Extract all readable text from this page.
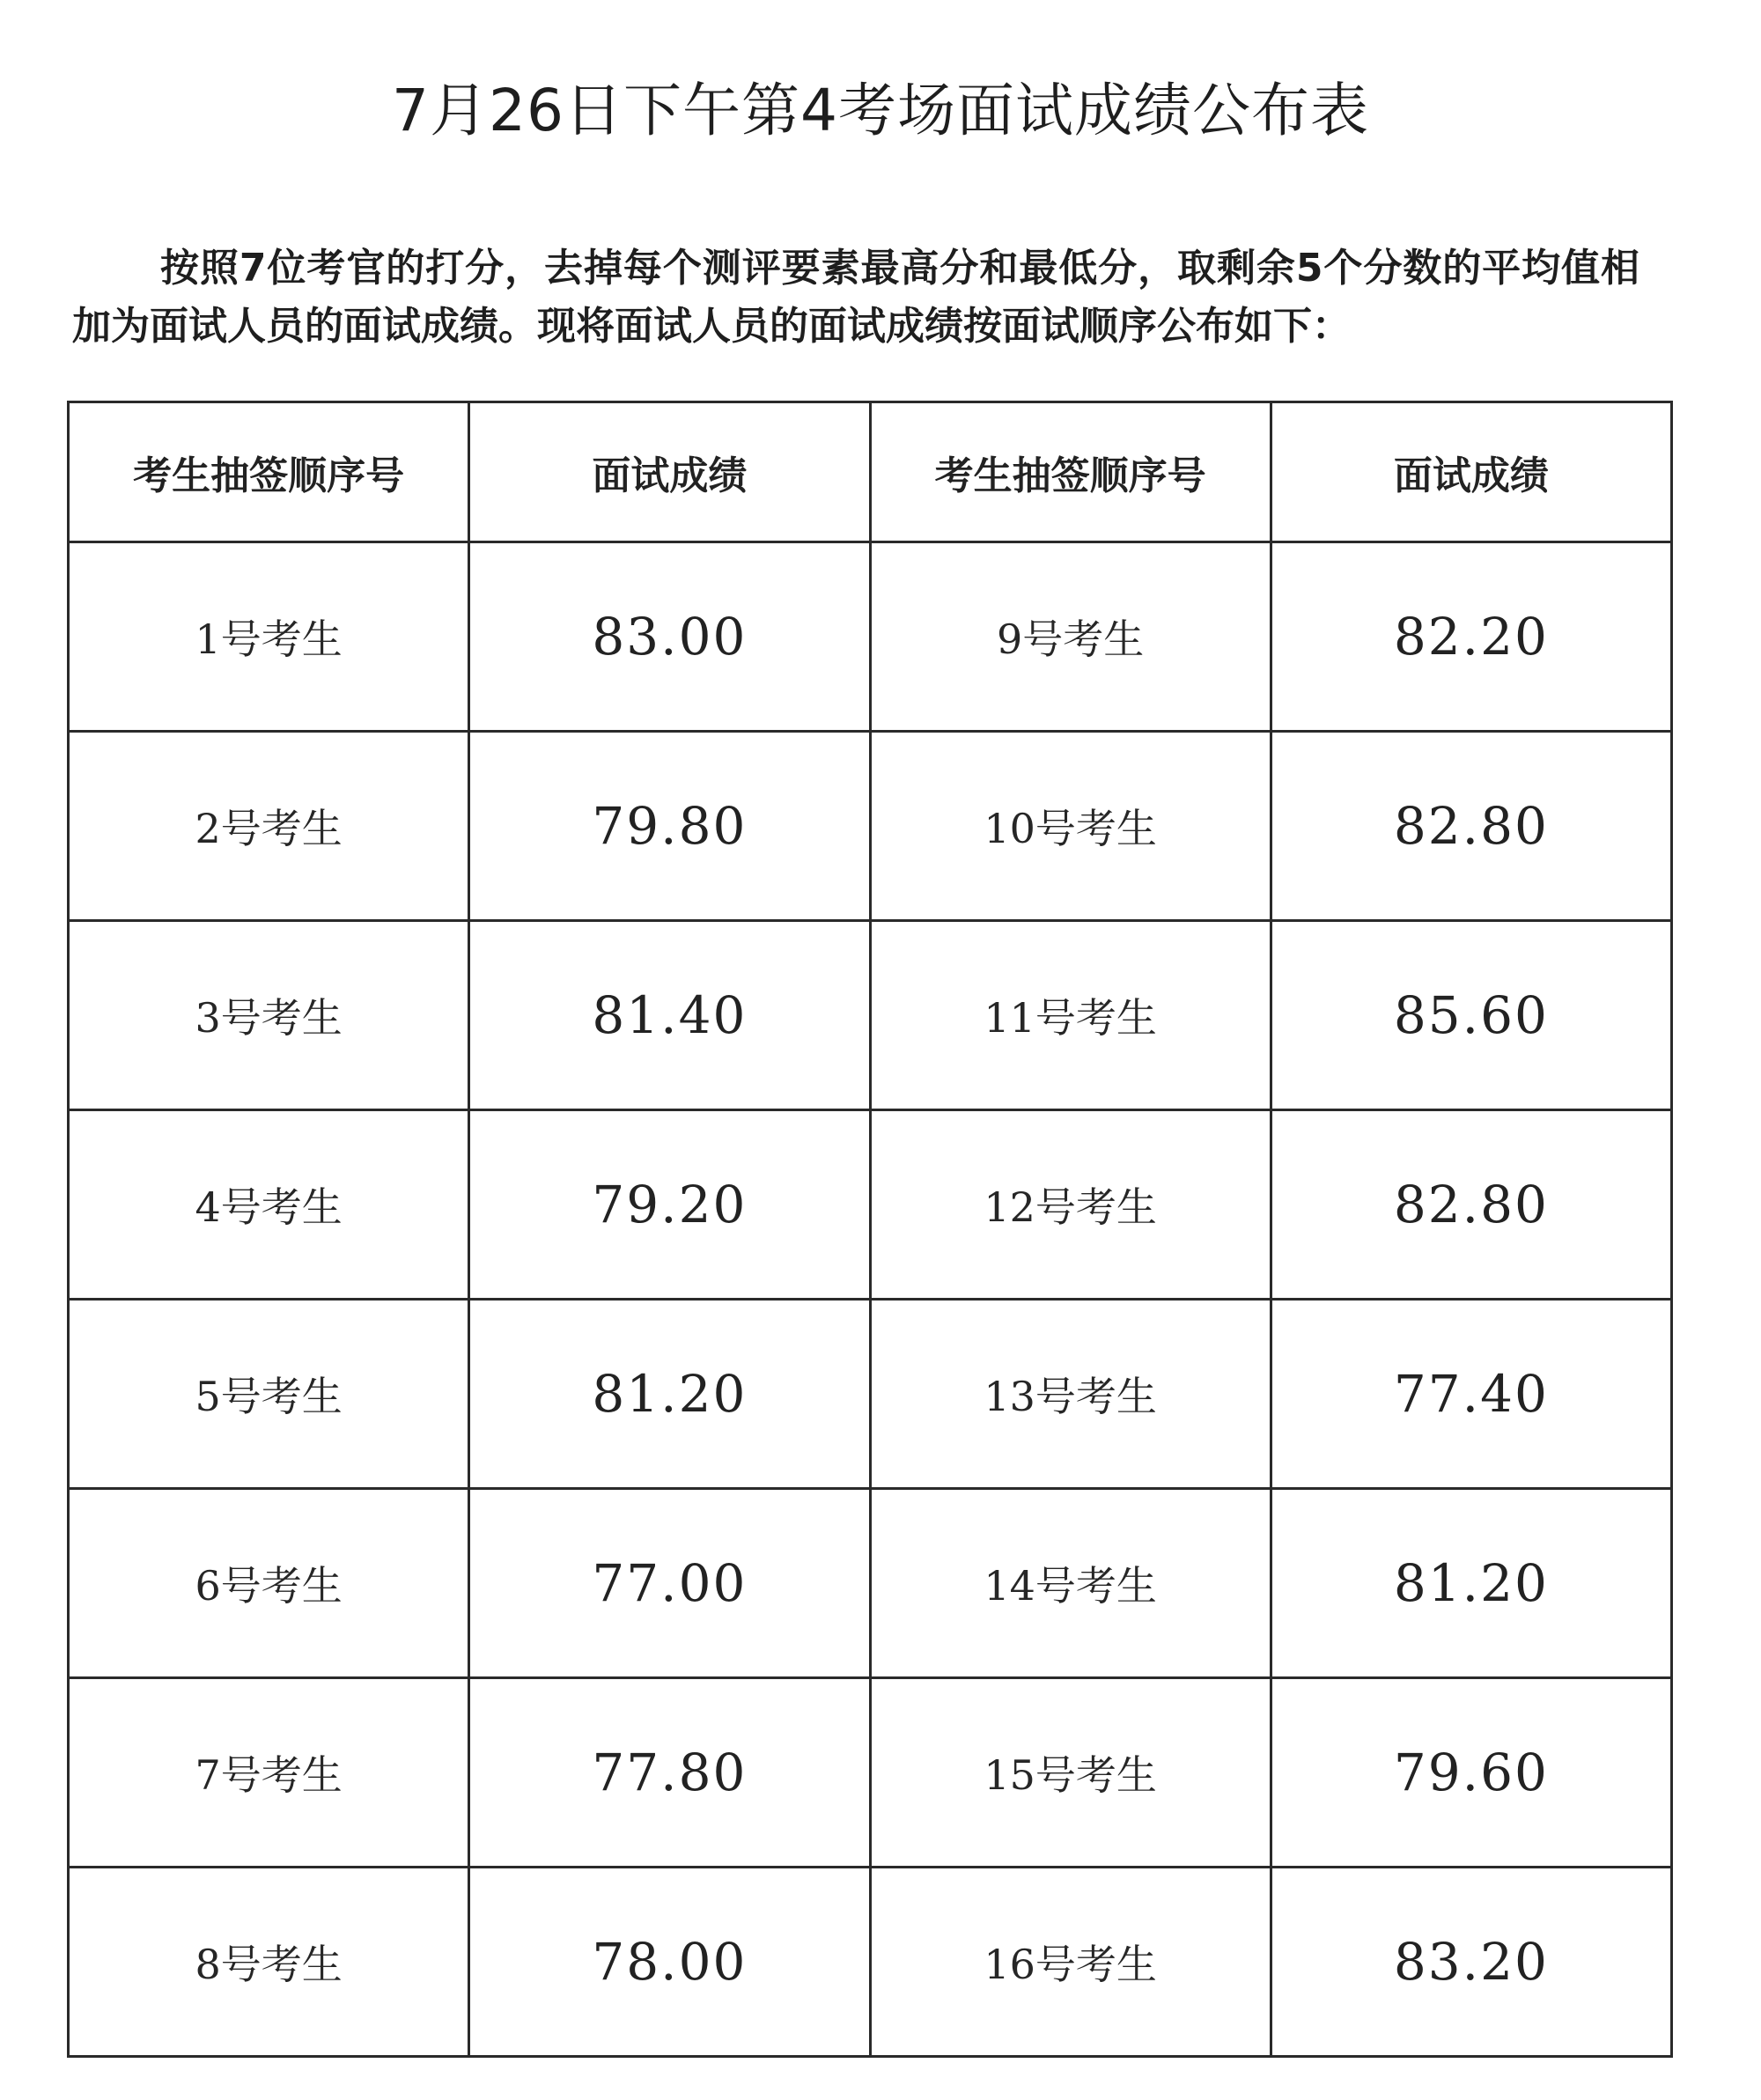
7月26日下午第4考场面试成绩公布表
按照7位考官的打分，去掉每个测评要素最高分和最低分，取剩余5个分数的平均值相加为面试人员的面试成绩。现将面试人员的面试成绩按面试顺序公布如下：
考生抽签顺序号	面试成绩	考生抽签顺序号	面试成绩
1号考生	83.00	9号考生	82.20
2号考生	79.80	10号考生	82.80
3号考生	81.40	11号考生	85.60
4号考生	79.20	12号考生	82.80
5号考生	81.20	13号考生	77.40
6号考生	77.00	14号考生	81.20
7号考生	77.80	15号考生	79.60
8号考生	78.00	16号考生	83.20
